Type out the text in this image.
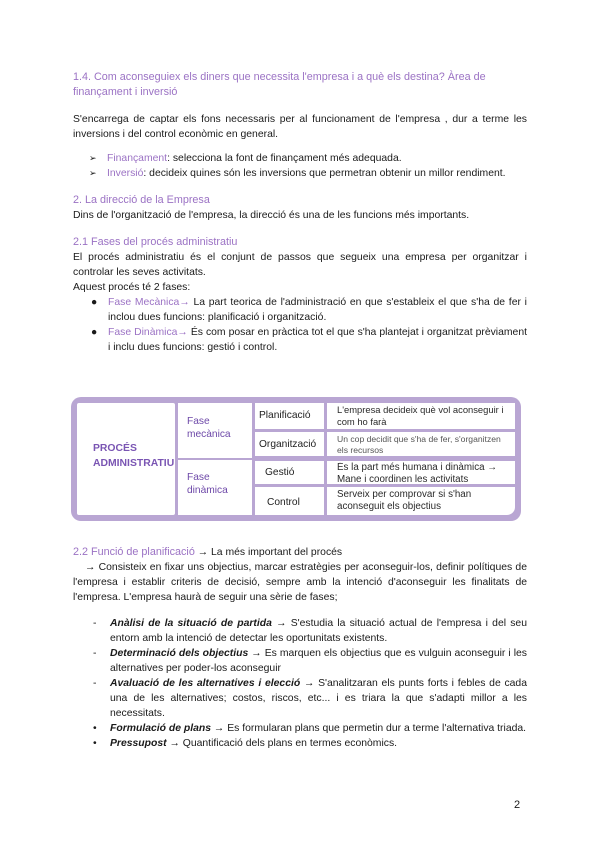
1.4. Com aconseguiex els diners que necessita l'empresa i a què els destina? Àrea de finançament i inversió

S'encarrega de captar els fons necessaris per al funcionament de l'empresa , dur a terme les inversions i del control econòmic en general.

➢ Finançament: selecciona la font de finançament més adequada.
➢ Inversió: decideix quines són les inversions que permetran obtenir un millor rendiment.
2. La direcció de la Empresa

Dins de l'organització de l'empresa, la direcció és una de les funcions més importants.

2.1 Fases del procés administratiu

El procés administratiu és el conjunt de passos que segueix una empresa per organitzar i controlar les seves activitats.

Aquest procés té 2 fases:

● Fase Mecànica→ La part teorica de l'administració en que s'estableix el que s'ha de fer i inclou dues funcions: planificació i organització.
● Fase Dinàmica→ És com posar en pràctica tot el que s'ha plantejat i organitzat prèviament i inclu dues funcions: gestió i control.
PROCÉS ADMINISTRATIU
Fase mecànica
Fase dinàmica
Planificació
Organització
Gestió
Control
L'empresa decideix què vol aconseguir i com ho farà
Un cop decidit que s'ha de fer, s'organitzen els recursos
És la part més humana i dinàmica → Mane i coordinen les activitats
Serveix per comprovar si s'han aconseguit els objectius
2.2 Funció de planificació → La més important del procés

→ Consisteix en fixar uns objectius, marcar estratègies per aconseguir-los, definir polítiques de l'empresa i establir criteris de decisió, sempre amb la intenció d'aconseguir les finalitats de l'empresa. L'empresa haurà de seguir una sèrie de fases;

- Anàlisi de la situació de partida → S'estudia la situació actual de l'empresa i del seu entorn amb la intenció de detectar les oportunitats existents.
- Determinació dels objectius → Es marquen els objectius que es vulguin aconseguir i les alternatives per poder-los aconseguir
- Avaluació de les alternatives i elecció → S'analitzaran els punts forts i febles de cada una de les alternatives; costos, riscos, etc... i es triara la que s'adapti millor a les necessitats.
• Formulació de plans → Es formularan plans que permetin dur a terme l'alternativa triada.
• Pressupost → Quantificació dels plans en termes econòmics.
2
